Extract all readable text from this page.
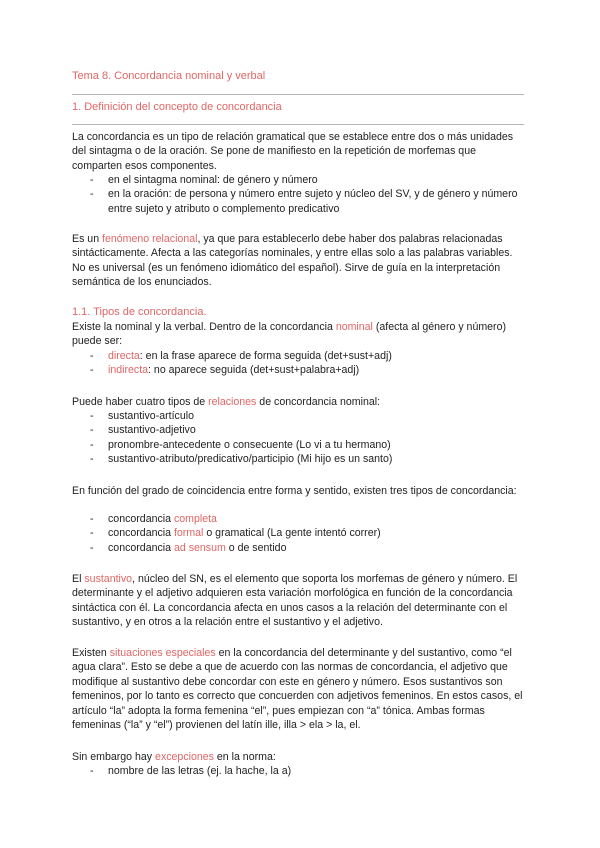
Tema 8. Concordancia nominal y verbal
1. Definición del concepto de concordancia

La concordancia es un tipo de relación gramatical que se establece entre dos o más unidades del sintagma o de la oración. Se pone de manifiesto en la repetición de morfemas que comparten esos componentes.

- en el sintagma nominal: de género y número
- en la oración: de persona y número entre sujeto y núcleo del SV, y de género y número entre sujeto y atributo o complemento predicativo

Es un fenómeno relacional, ya que para establecerlo debe haber dos palabras relacionadas sintácticamente. Afecta a las categorías nominales, y entre ellas solo a las palabras variables. No es universal (es un fenómeno idiomático del español). Sirve de guía en la interpretación semántica de los enunciados.

1.1. Tipos de concordancia.

Existe la nominal y la verbal. Dentro de la concordancia nominal (afecta al género y número) puede ser:

- directa: en la frase aparece de forma seguida (det+sust+adj)
- indirecta: no aparece seguida (det+sust+palabra+adj)

Puede haber cuatro tipos de relaciones de concordancia nominal:

- sustantivo-artículo
- sustantivo-adjetivo
- pronombre-antecedente o consecuente (Lo vi a tu hermano)
- sustantivo-atributo/predicativo/participio (Mi hijo es un santo)

En función del grado de coincidencia entre forma y sentido, existen tres tipos de concordancia:

- concordancia completa
- concordancia formal o gramatical (La gente intentó correr)
- concordancia ad sensum o de sentido

El sustantivo, núcleo del SN, es el elemento que soporta los morfemas de género y número. El determinante y el adjetivo adquieren esta variación morfológica en función de la concordancia sintáctica con él. La concordancia afecta en unos casos a la relación del determinante con el sustantivo, y en otros a la relación entre el sustantivo y el adjetivo.

Existen situaciones especiales en la concordancia del determinante y del sustantivo, como “el agua clara”. Esto se debe a que de acuerdo con las normas de concordancia, el adjetivo que modifique al sustantivo debe concordar con este en género y número. Esos sustantivos son femeninos, por lo tanto es correcto que concuerden con adjetivos femeninos. En estos casos, el artículo “la” adopta la forma femenina “el”, pues empiezan con “a” tónica. Ambas formas femeninas (“la” y “el”) provienen del latín ille, illa > ela > la, el.

Sin embargo hay excepciones en la norma:

- nombre de las letras (ej. la hache, la a)
